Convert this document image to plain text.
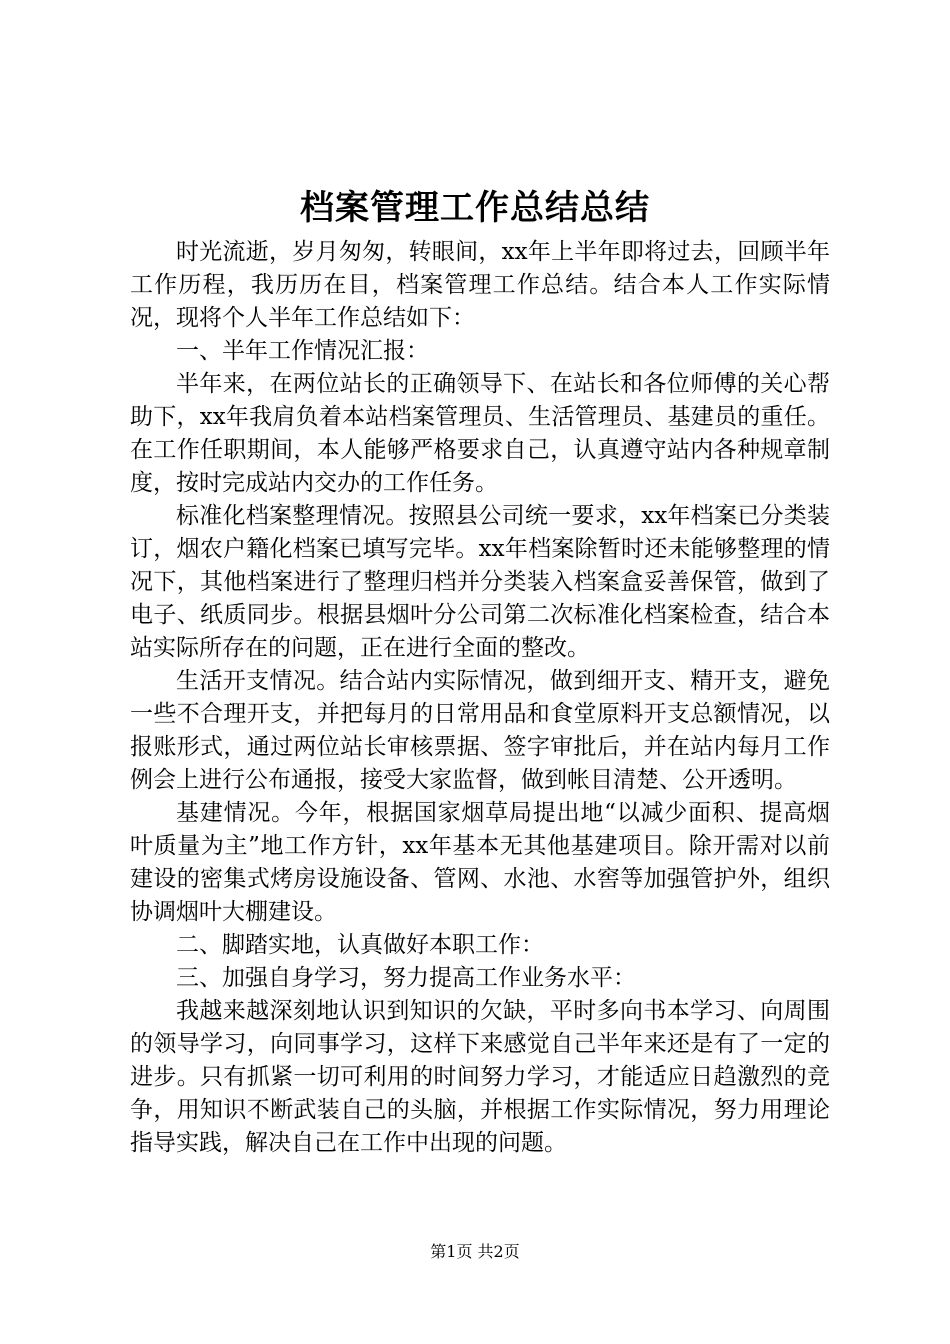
档案管理工作总结总结

时光流逝，岁月匆匆，转眼间，xx年上半年即将过去，回顾半年工作历程，我历历在目，档案管理工作总结。结合本人工作实际情况，现将个人半年工作总结如下：

一、半年工作情况汇报：

半年来，在两位站长的正确领导下、在站长和各位师傅的关心帮助下，xx年我肩负着本站档案管理员、生活管理员、基建员的重任。在工作任职期间，本人能够严格要求自己，认真遵守站内各种规章制度，按时完成站内交办的工作任务。

标准化档案整理情况。按照县公司统一要求，xx年档案已分类装订，烟农户籍化档案已填写完毕。xx年档案除暂时还未能够整理的情况下，其他档案进行了整理归档并分类装入档案盒妥善保管，做到了电子、纸质同步。根据县烟叶分公司第二次标准化档案检查，结合本站实际所存在的问题，正在进行全面的整改。

生活开支情况。结合站内实际情况，做到细开支、精开支，避免一些不合理开支，并把每月的日常用品和食堂原料开支总额情况，以报账形式，通过两位站长审核票据、签字审批后，并在站内每月工作例会上进行公布通报，接受大家监督，做到帐目清楚、公开透明。

基建情况。今年，根据国家烟草局提出地“以减少面积、提高烟叶质量为主”地工作方针，xx年基本无其他基建项目。除开需对以前建设的密集式烤房设施设备、管网、水池、水窖等加强管护外，组织协调烟叶大棚建设。

二、脚踏实地，认真做好本职工作：

三、加强自身学习，努力提高工作业务水平：

我越来越深刻地认识到知识的欠缺，平时多向书本学习、向周围的领导学习，向同事学习，这样下来感觉自己半年来还是有了一定的进步。只有抓紧一切可利用的时间努力学习，才能适应日趋激烈的竞争，用知识不断武装自己的头脑，并根据工作实际情况，努力用理论指导实践，解决自己在工作中出现的问题。

第1页 共2页
